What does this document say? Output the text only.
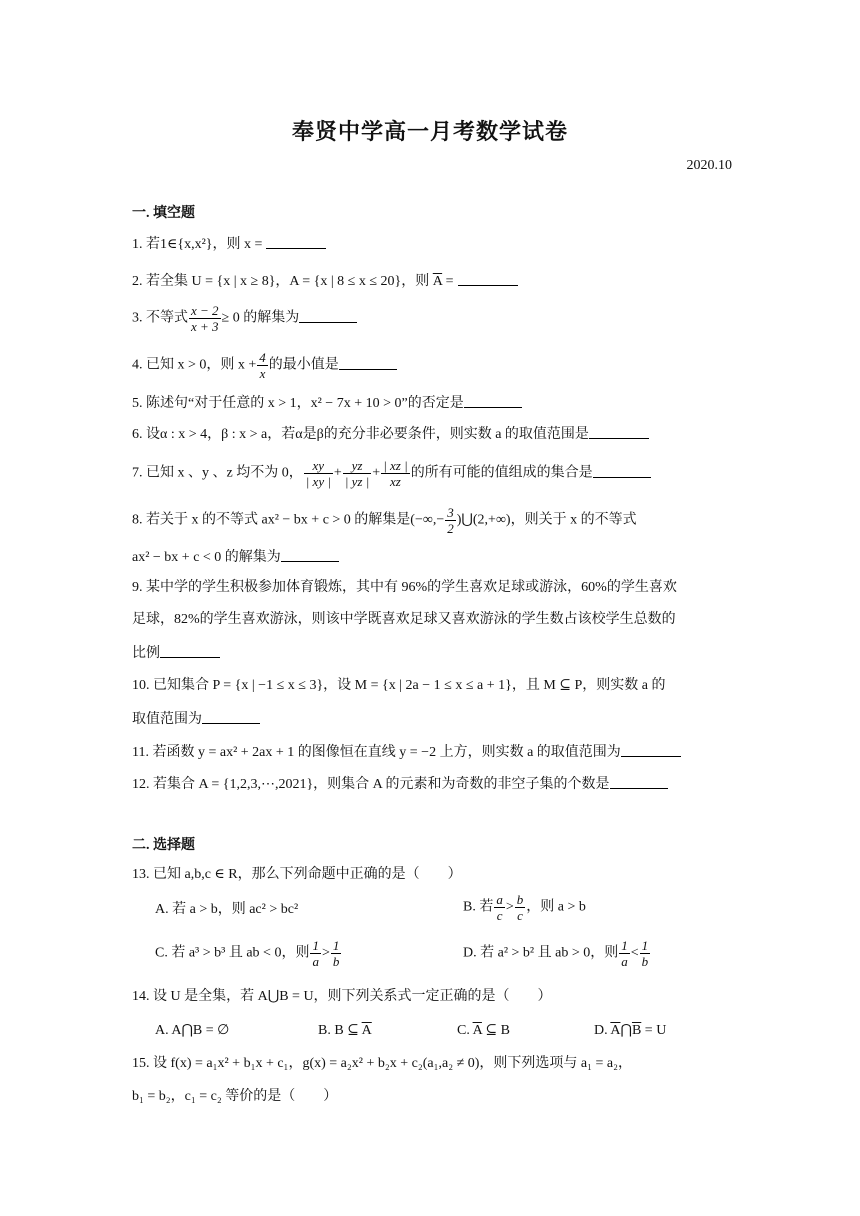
奉贤中学高一月考数学试卷
2020.10
一. 填空题
1. 若1∈{x,x²}，则 x =
2. 若全集 U = {x | x ≥ 8}，A = {x | 8 ≤ x ≤ 20}，则 $\overline{A}$ =
3. 不等式 $\frac{x - 2}{x + 3} \ge 0$ 的解集为
4. 已知 x > 0，则 $x + \frac{4}{x}$ 的最小值是
5. 陈述句“对于任意的 x > 1，x² − 7x + 10 > 0”的否定是
6. 设α : x > 4，β : x > a，若α是β的充分非必要条件，则实数 a 的取值范围是
7. 已知 x 、y 、z 均不为 0， $\frac{xy}{| xy |} + \frac{yz}{| yz |} + \frac{| xz |}{xz}$ 的所有可能的值组成的集合是
8. 若关于 x 的不等式 ax² − bx + c > 0 的解集是(−∞,− $\frac{3}{2}$ )⋃(2,+∞)，则关于 x 的不等式
ax² − bx + c < 0 的解集为
9. 某中学的学生积极参加体育锻炼，其中有 96%的学生喜欢足球或游泳，60%的学生喜欢
足球，82%的学生喜欢游泳，则该中学既喜欢足球又喜欢游泳的学生数占该校学生总数的
比例
10. 已知集合 P = {x | −1 ≤ x ≤ 3}，设 M = {x | 2a − 1 ≤ x ≤ a + 1}，且 M ⊆ P，则实数 a 的
取值范围为
11. 若函数 y = ax² + 2ax + 1 的图像恒在直线 y = −2 上方，则实数 a 的取值范围为
12. 若集合 A = {1,2,3,⋯,2021}，则集合 A 的元素和为奇数的非空子集的个数是
二. 选择题
13. 已知 a,b,c ∈ R，那么下列命题中正确的是（　　）
A. 若 a > b，则 ac² > bc²	B. 若 $\frac{a}{c} > \frac{b}{c}$ ，则 a > b
C. 若 a³ > b³ 且 ab < 0，则 $\frac{1}{a} > \frac{1}{b}$	D. 若 a² > b² 且 ab > 0，则 $\frac{1}{a} < \frac{1}{b}$
14. 设 U 是全集，若 A⋃B = U，则下列关系式一定正确的是（　　）
A. A⋂B = ∅	B. B ⊆ $\overline{A}$	C. $\overline{A}$ ⊆ B	D. $\overline{A}⋂\overline{B} = U$
15. 设 f(x) = a₁x² + b₁x + c₁，g(x) = a₂x² + b₂x + c₂(a₁,a₂ ≠ 0)，则下列选项与 a₁ = a₂，
b₁ = b₂，c₁ = c₂ 等价的是（　　）
